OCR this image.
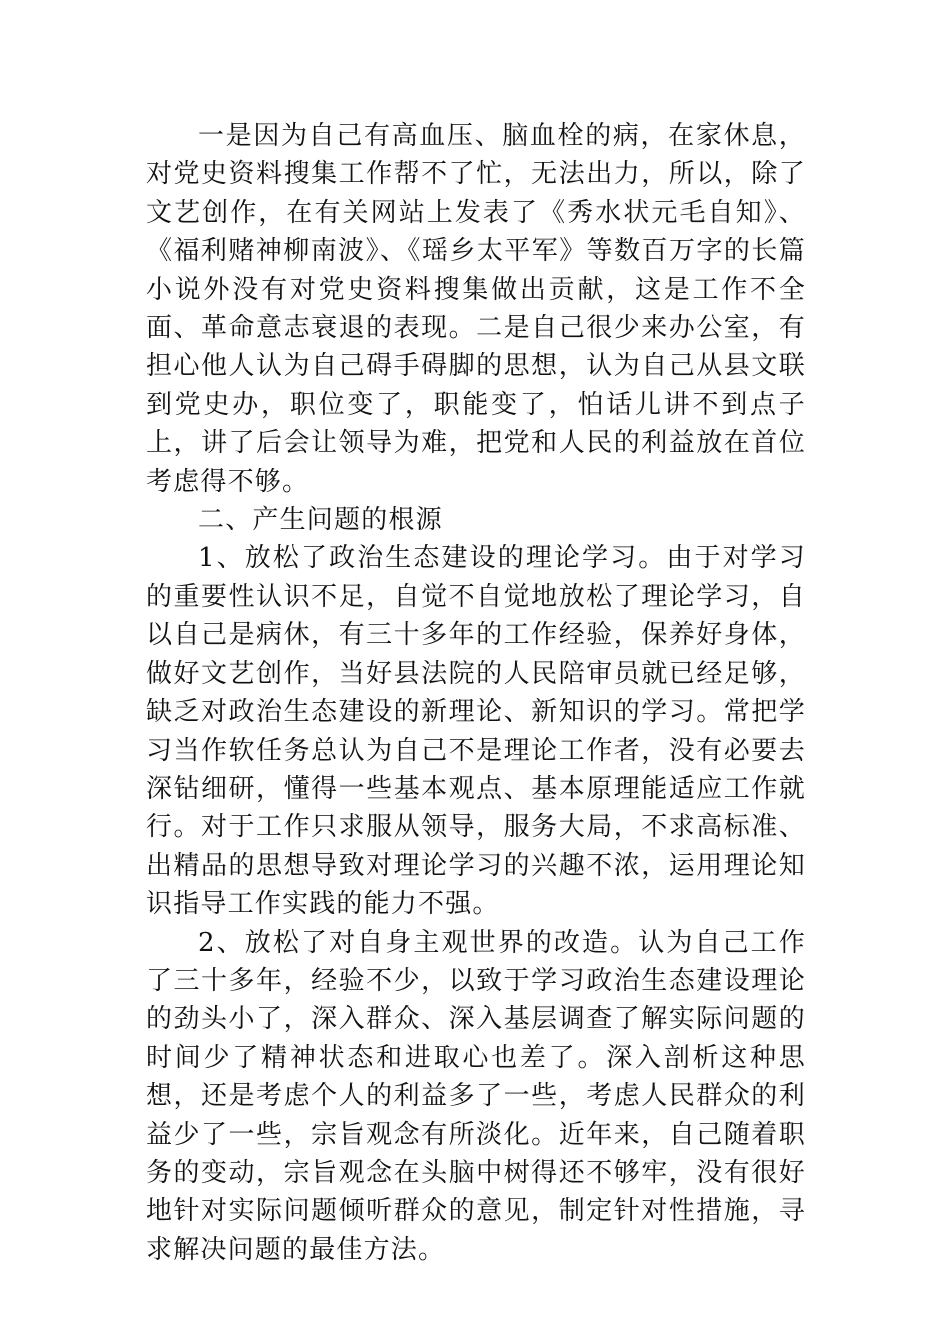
一是因为自己有高血压、脑血栓的病，在家休息，对党史资料搜集工作帮不了忙，无法出力，所以，除了文艺创作，在有关网站上发表了《秀水状元毛自知》、《福利赌神柳南波》、《瑶乡太平军》等数百万字的长篇小说外没有对党史资料搜集做出贡献，这是工作不全面、革命意志衰退的表现。二是自己很少来办公室，有担心他人认为自己碍手碍脚的思想，认为自己从县文联到党史办，职位变了，职能变了，怕话儿讲不到点子上，讲了后会让领导为难，把党和人民的利益放在首位考虑得不够。

二、产生问题的根源

1、放松了政治生态建设的理论学习。由于对学习的重要性认识不足，自觉不自觉地放松了理论学习，自以自己是病休，有三十多年的工作经验，保养好身体，做好文艺创作，当好县法院的人民陪审员就已经足够，缺乏对政治生态建设的新理论、新知识的学习。常把学习当作软任务总认为自己不是理论工作者，没有必要去深钻细研，懂得一些基本观点、基本原理能适应工作就行。对于工作只求服从领导，服务大局，不求高标准、出精品的思想导致对理论学习的兴趣不浓，运用理论知识指导工作实践的能力不强。

2、放松了对自身主观世界的改造。认为自己工作了三十多年，经验不少，以致于学习政治生态建设理论的劲头小了，深入群众、深入基层调查了解实际问题的时间少了精神状态和进取心也差了。深入剖析这种思想，还是考虑个人的利益多了一些，考虑人民群众的利益少了一些，宗旨观念有所淡化。近年来，自己随着职务的变动，宗旨观念在头脑中树得还不够牢，没有很好地针对实际问题倾听群众的意见，制定针对性措施，寻求解决问题的最佳方法。
